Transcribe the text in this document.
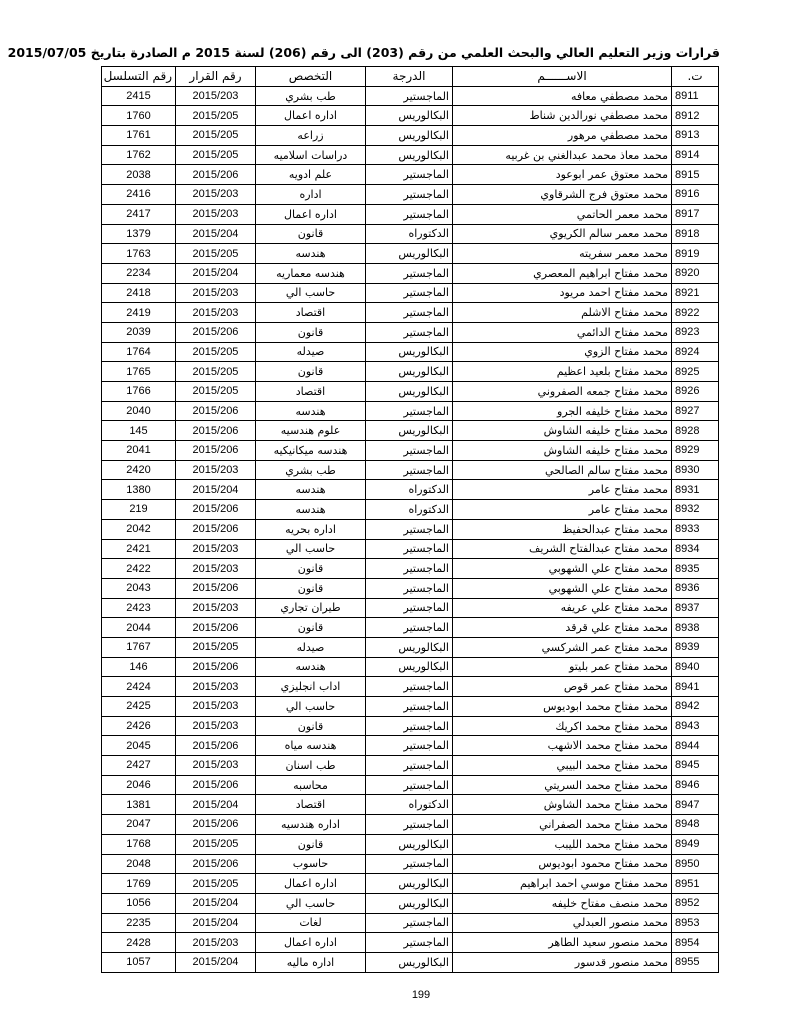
قرارات وزير التعليم العالي والبحث العلمي من رقم (203) الى رقم (206) لسنة 2015 م الصادرة بتاريخ 2015/07/05
ت.	الاســــــم	الدرجة	التخصص	رقم القرار	رقم التسلسل
8911	محمد مصطفي معافه	الماجستير	طب بشري	2015/203	2415
8912	محمد مصطفي نورالدين شناط	البكالوريس	اداره اعمال	2015/205	1760
8913	محمد مصطفي مرهور	البكالوريس	زراعه	2015/205	1761
8914	محمد معاذ محمد عبدالغني بن غربيه	البكالوريس	دراسات اسلاميه	2015/205	1762
8915	محمد معتوق عمر ابوعود	الماجستير	علم ادويه	2015/206	2038
8916	محمد معتوق فرج الشرقاوي	الماجستير	اداره	2015/203	2416
8917	محمد معمر الحاتمي	الماجستير	اداره اعمال	2015/203	2417
8918	محمد معمر سالم الكريوي	الدكتوراه	قانون	2015/204	1379
8919	محمد معمر سفريته	البكالوريس	هندسه	2015/205	1763
8920	محمد مفتاح ابراهيم المعصري	الماجستير	هندسه معماريه	2015/204	2234
8921	محمد مفتاح احمد مريود	الماجستير	حاسب الي	2015/203	2418
8922	محمد مفتاح الاشلم	الماجستير	اقتصاد	2015/203	2419
8923	محمد مفتاح الدائمي	الماجستير	قانون	2015/206	2039
8924	محمد مفتاح الزوي	البكالوريس	صيدله	2015/205	1764
8925	محمد مفتاح بلعيد اعظيم	البكالوريس	قانون	2015/205	1765
8926	محمد مفتاح جمعه الصفروني	البكالوريس	اقتصاد	2015/205	1766
8927	محمد مفتاح خليفه الجرو	الماجستير	هندسه	2015/206	2040
8928	محمد مفتاح خليفه الشاوش	البكالوريس	علوم هندسيه	2015/206	145
8929	محمد مفتاح خليفه الشاوش	الماجستير	هندسه ميكانيكيه	2015/206	2041
8930	محمد مفتاح سالم الصالحي	الماجستير	طب بشري	2015/203	2420
8931	محمد مفتاح عامر	الدكتوراه	هندسه	2015/204	1380
8932	محمد مفتاح عامر	الدكتوراه	هندسه	2015/206	219
8933	محمد مفتاح عبدالحفيظ	الماجستير	اداره بحريه	2015/206	2042
8934	محمد مفتاح عبدالفتاح الشريف	الماجستير	حاسب الي	2015/203	2421
8935	محمد مفتاح علي الشهوبي	الماجستير	قانون	2015/203	2422
8936	محمد مفتاح علي الشهوبي	الماجستير	قانون	2015/206	2043
8937	محمد مفتاح علي عريفه	الماجستير	طيران تجاري	2015/203	2423
8938	محمد مفتاح علي قرقد	الماجستير	قانون	2015/206	2044
8939	محمد مفتاح عمر الشركسي	البكالوريس	صيدله	2015/205	1767
8940	محمد مفتاح عمر بليتو	البكالوريس	هندسه	2015/206	146
8941	محمد مفتاح عمر قوص	الماجستير	اداب انجليزي	2015/203	2424
8942	محمد مفتاح محمد ابوديوس	الماجستير	حاسب الي	2015/203	2425
8943	محمد مفتاح محمد اكريك	الماجستير	قانون	2015/203	2426
8944	محمد مفتاح محمد الاشهب	الماجستير	هندسه مياه	2015/206	2045
8945	محمد مفتاح محمد البيبي	الماجستير	طب اسنان	2015/203	2427
8946	محمد مفتاح محمد السريتي	الماجستير	محاسبه	2015/206	2046
8947	محمد مفتاح محمد الشاوش	الدكتوراه	اقتصاد	2015/204	1381
8948	محمد مفتاح محمد الصفراني	الماجستير	اداره هندسيه	2015/206	2047
8949	محمد مفتاح محمد الليبب	البكالوريس	قانون	2015/205	1768
8950	محمد مفتاح محمود ابوديوس	الماجستير	حاسوب	2015/206	2048
8951	محمد مفتاح موسي احمد ابراهيم	البكالوريس	اداره اعمال	2015/205	1769
8952	محمد منصف مفتاح خليفه	البكالوريس	حاسب الي	2015/204	1056
8953	محمد منصور العبدلي	الماجستير	لغات	2015/204	2235
8954	محمد منصور سعيد الطاهر	الماجستير	اداره اعمال	2015/203	2428
8955	محمد منصور قدسور	البكالوريس	اداره ماليه	2015/204	1057
199
